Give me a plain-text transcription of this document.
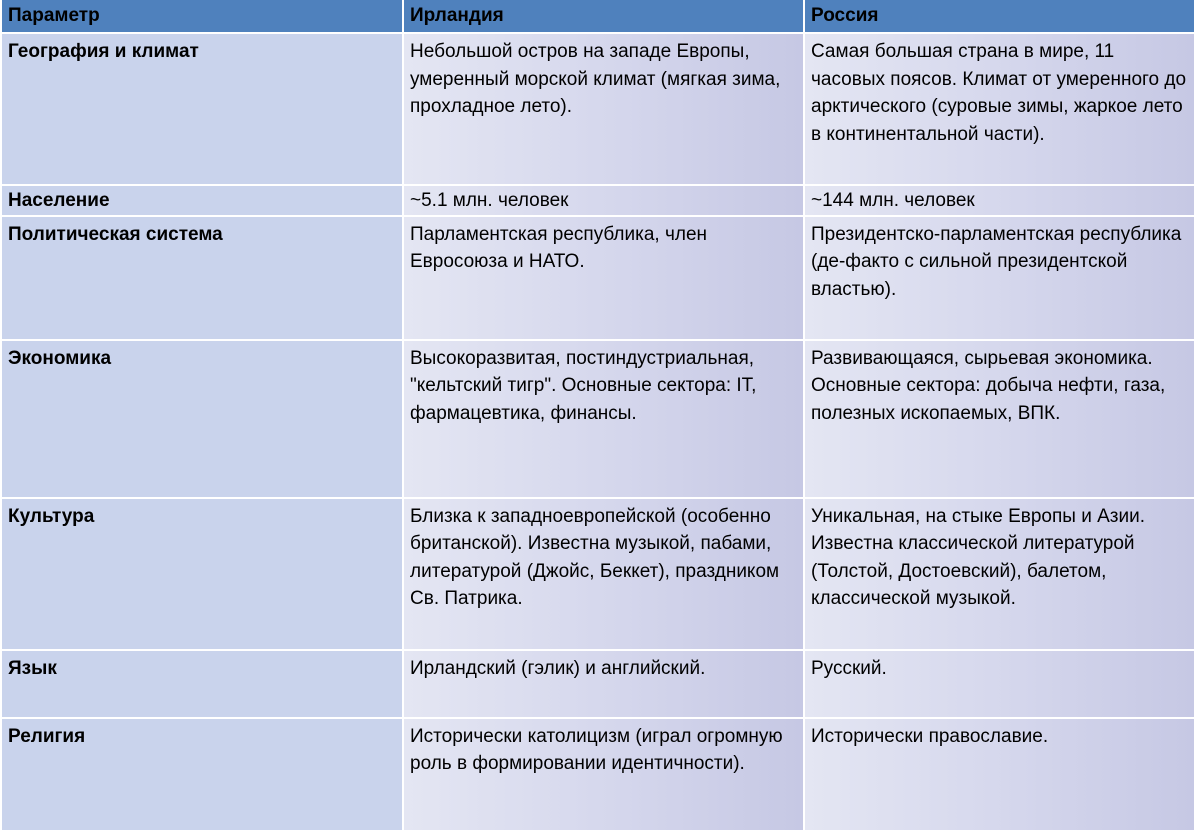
Параметр	Ирландия	Россия
География и климат	Небольшой остров на западе Европы, умеренный морской климат (мягкая зима, прохладное лето).	Самая большая страна в мире, 11 часовых поясов. Климат от умеренного до арктического (суровые зимы, жаркое лето в континентальной части).
Население	~5.1 млн. человек	~144 млн. человек
Политическая система	Парламентская республика, член Евросоюза и НАТО.	Президентско-парламентская республика (де-факто с сильной президентской властью).
Экономика	Высокоразвитая, постиндустриальная, "кельтский тигр". Основные сектора: IT, фармацевтика, финансы.	Развивающаяся, сырьевая экономика. Основные сектора: добыча нефти, газа, полезных ископаемых, ВПК.
Культура	Близка к западноевропейской (особенно британской). Известна музыкой, пабами, литературой (Джойс, Беккет), праздником Св. Патрика.	Уникальная, на стыке Европы и Азии. Известна классической литературой (Толстой, Достоевский), балетом, классической музыкой.
Язык	Ирландский (гэлик) и английский.	Русский.
Религия	Исторически католицизм (играл огромную роль в формировании идентичности).	Исторически православие.
